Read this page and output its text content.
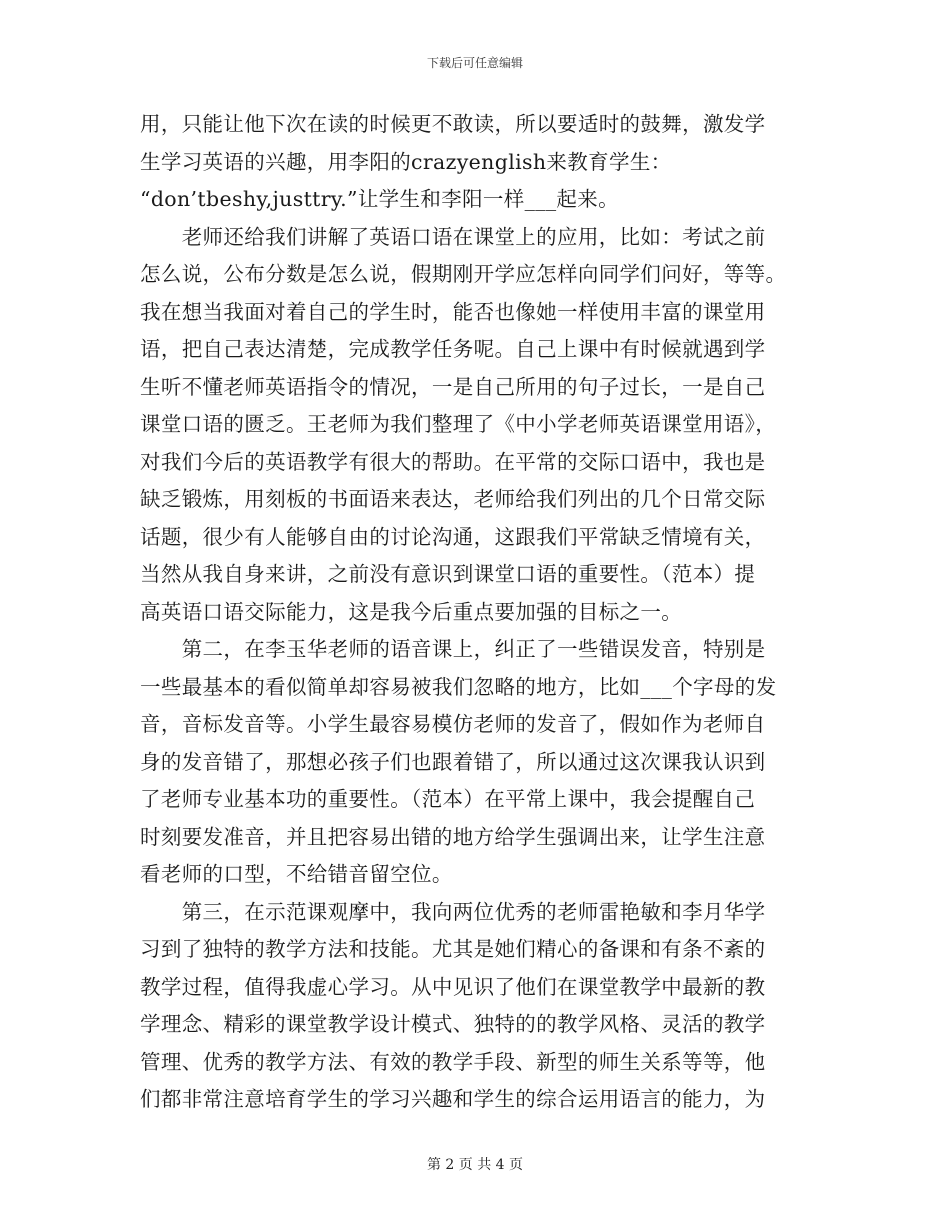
下载后可任意编辑
用，只能让他下次在读的时候更不敢读，所以要适时的鼓舞，激发学
生学习英语的兴趣，用李阳的crazyenglish来教育学生：
“don’tbeshy,justtry.”让学生和李阳一样___起来。
　　老师还给我们讲解了英语口语在课堂上的应用，比如：考试之前
怎么说，公布分数是怎么说，假期刚开学应怎样向同学们问好，等等。
我在想当我面对着自己的学生时，能否也像她一样使用丰富的课堂用
语，把自己表达清楚，完成教学任务呢。自己上课中有时候就遇到学
生听不懂老师英语指令的情况，一是自己所用的句子过长，一是自己
课堂口语的匮乏。王老师为我们整理了《中小学老师英语课堂用语》，
对我们今后的英语教学有很大的帮助。在平常的交际口语中，我也是
缺乏锻炼，用刻板的书面语来表达，老师给我们列出的几个日常交际
话题，很少有人能够自由的讨论沟通，这跟我们平常缺乏情境有关，
当然从我自身来讲，之前没有意识到课堂口语的重要性。（范本）提
高英语口语交际能力，这是我今后重点要加强的目标之一。
　　第二，在李玉华老师的语音课上，纠正了一些错误发音，特别是
一些最基本的看似简单却容易被我们忽略的地方，比如___个字母的发
音，音标发音等。小学生最容易模仿老师的发音了，假如作为老师自
身的发音错了，那想必孩子们也跟着错了，所以通过这次课我认识到
了老师专业基本功的重要性。（范本）在平常上课中，我会提醒自己
时刻要发准音，并且把容易出错的地方给学生强调出来，让学生注意
看老师的口型，不给错音留空位。
　　第三，在示范课观摩中，我向两位优秀的老师雷艳敏和李月华学
习到了独特的教学方法和技能。尤其是她们精心的备课和有条不紊的
教学过程，值得我虚心学习。从中见识了他们在课堂教学中最新的教
学理念、精彩的课堂教学设计模式、独特的的教学风格、灵活的教学
管理、优秀的教学方法、有效的教学手段、新型的师生关系等等，他
们都非常注意培育学生的学习兴趣和学生的综合运用语言的能力，为
第 2 页 共 4 页
